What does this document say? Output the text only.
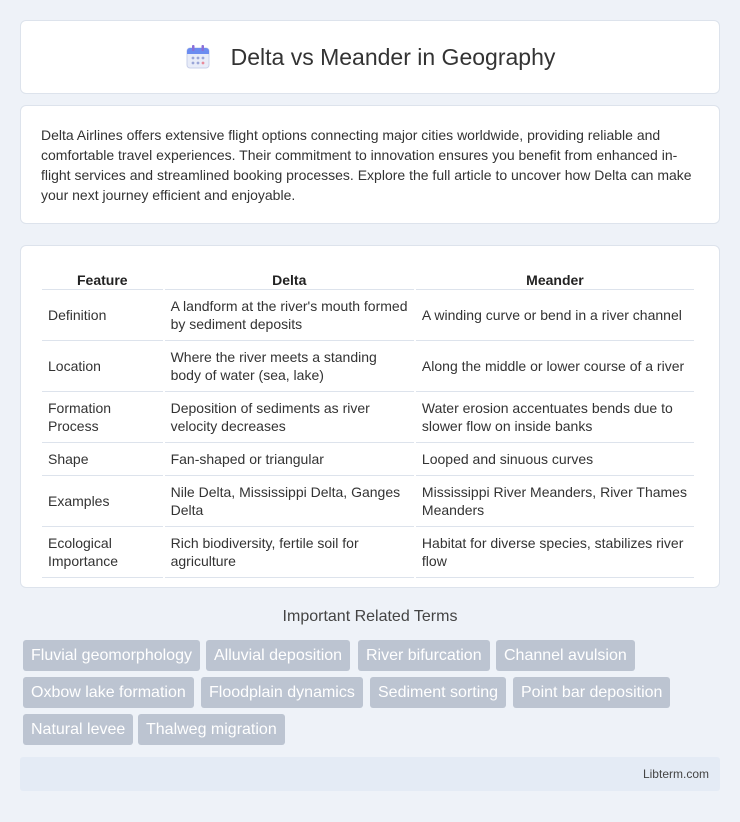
Delta vs Meander in Geography

Delta Airlines offers extensive flight options connecting major cities worldwide, providing reliable and comfortable travel experiences. Their commitment to innovation ensures you benefit from enhanced in-flight services and streamlined booking processes. Explore the full article to uncover how Delta can make your next journey efficient and enjoyable.

Feature	Delta	Meander
Definition	A landform at the river's mouth formed by sediment deposits	A winding curve or bend in a river channel
Location	Where the river meets a standing body of water (sea, lake)	Along the middle or lower course of a river
Formation Process	Deposition of sediments as river velocity decreases	Water erosion accentuates bends due to slower flow on inside banks
Shape	Fan-shaped or triangular	Looped and sinuous curves
Examples	Nile Delta, Mississippi Delta, Ganges Delta	Mississippi River Meanders, River Thames Meanders
Ecological Importance	Rich biodiversity, fertile soil for agriculture	Habitat for diverse species, stabilizes river flow
Important Related Terms
Fluvial geomorphology	Alluvial deposition	River bifurcation	Channel avulsion
Oxbow lake formation	Floodplain dynamics	Sediment sorting	Point bar deposition
Natural levee	Thalweg migration
Libterm.com
